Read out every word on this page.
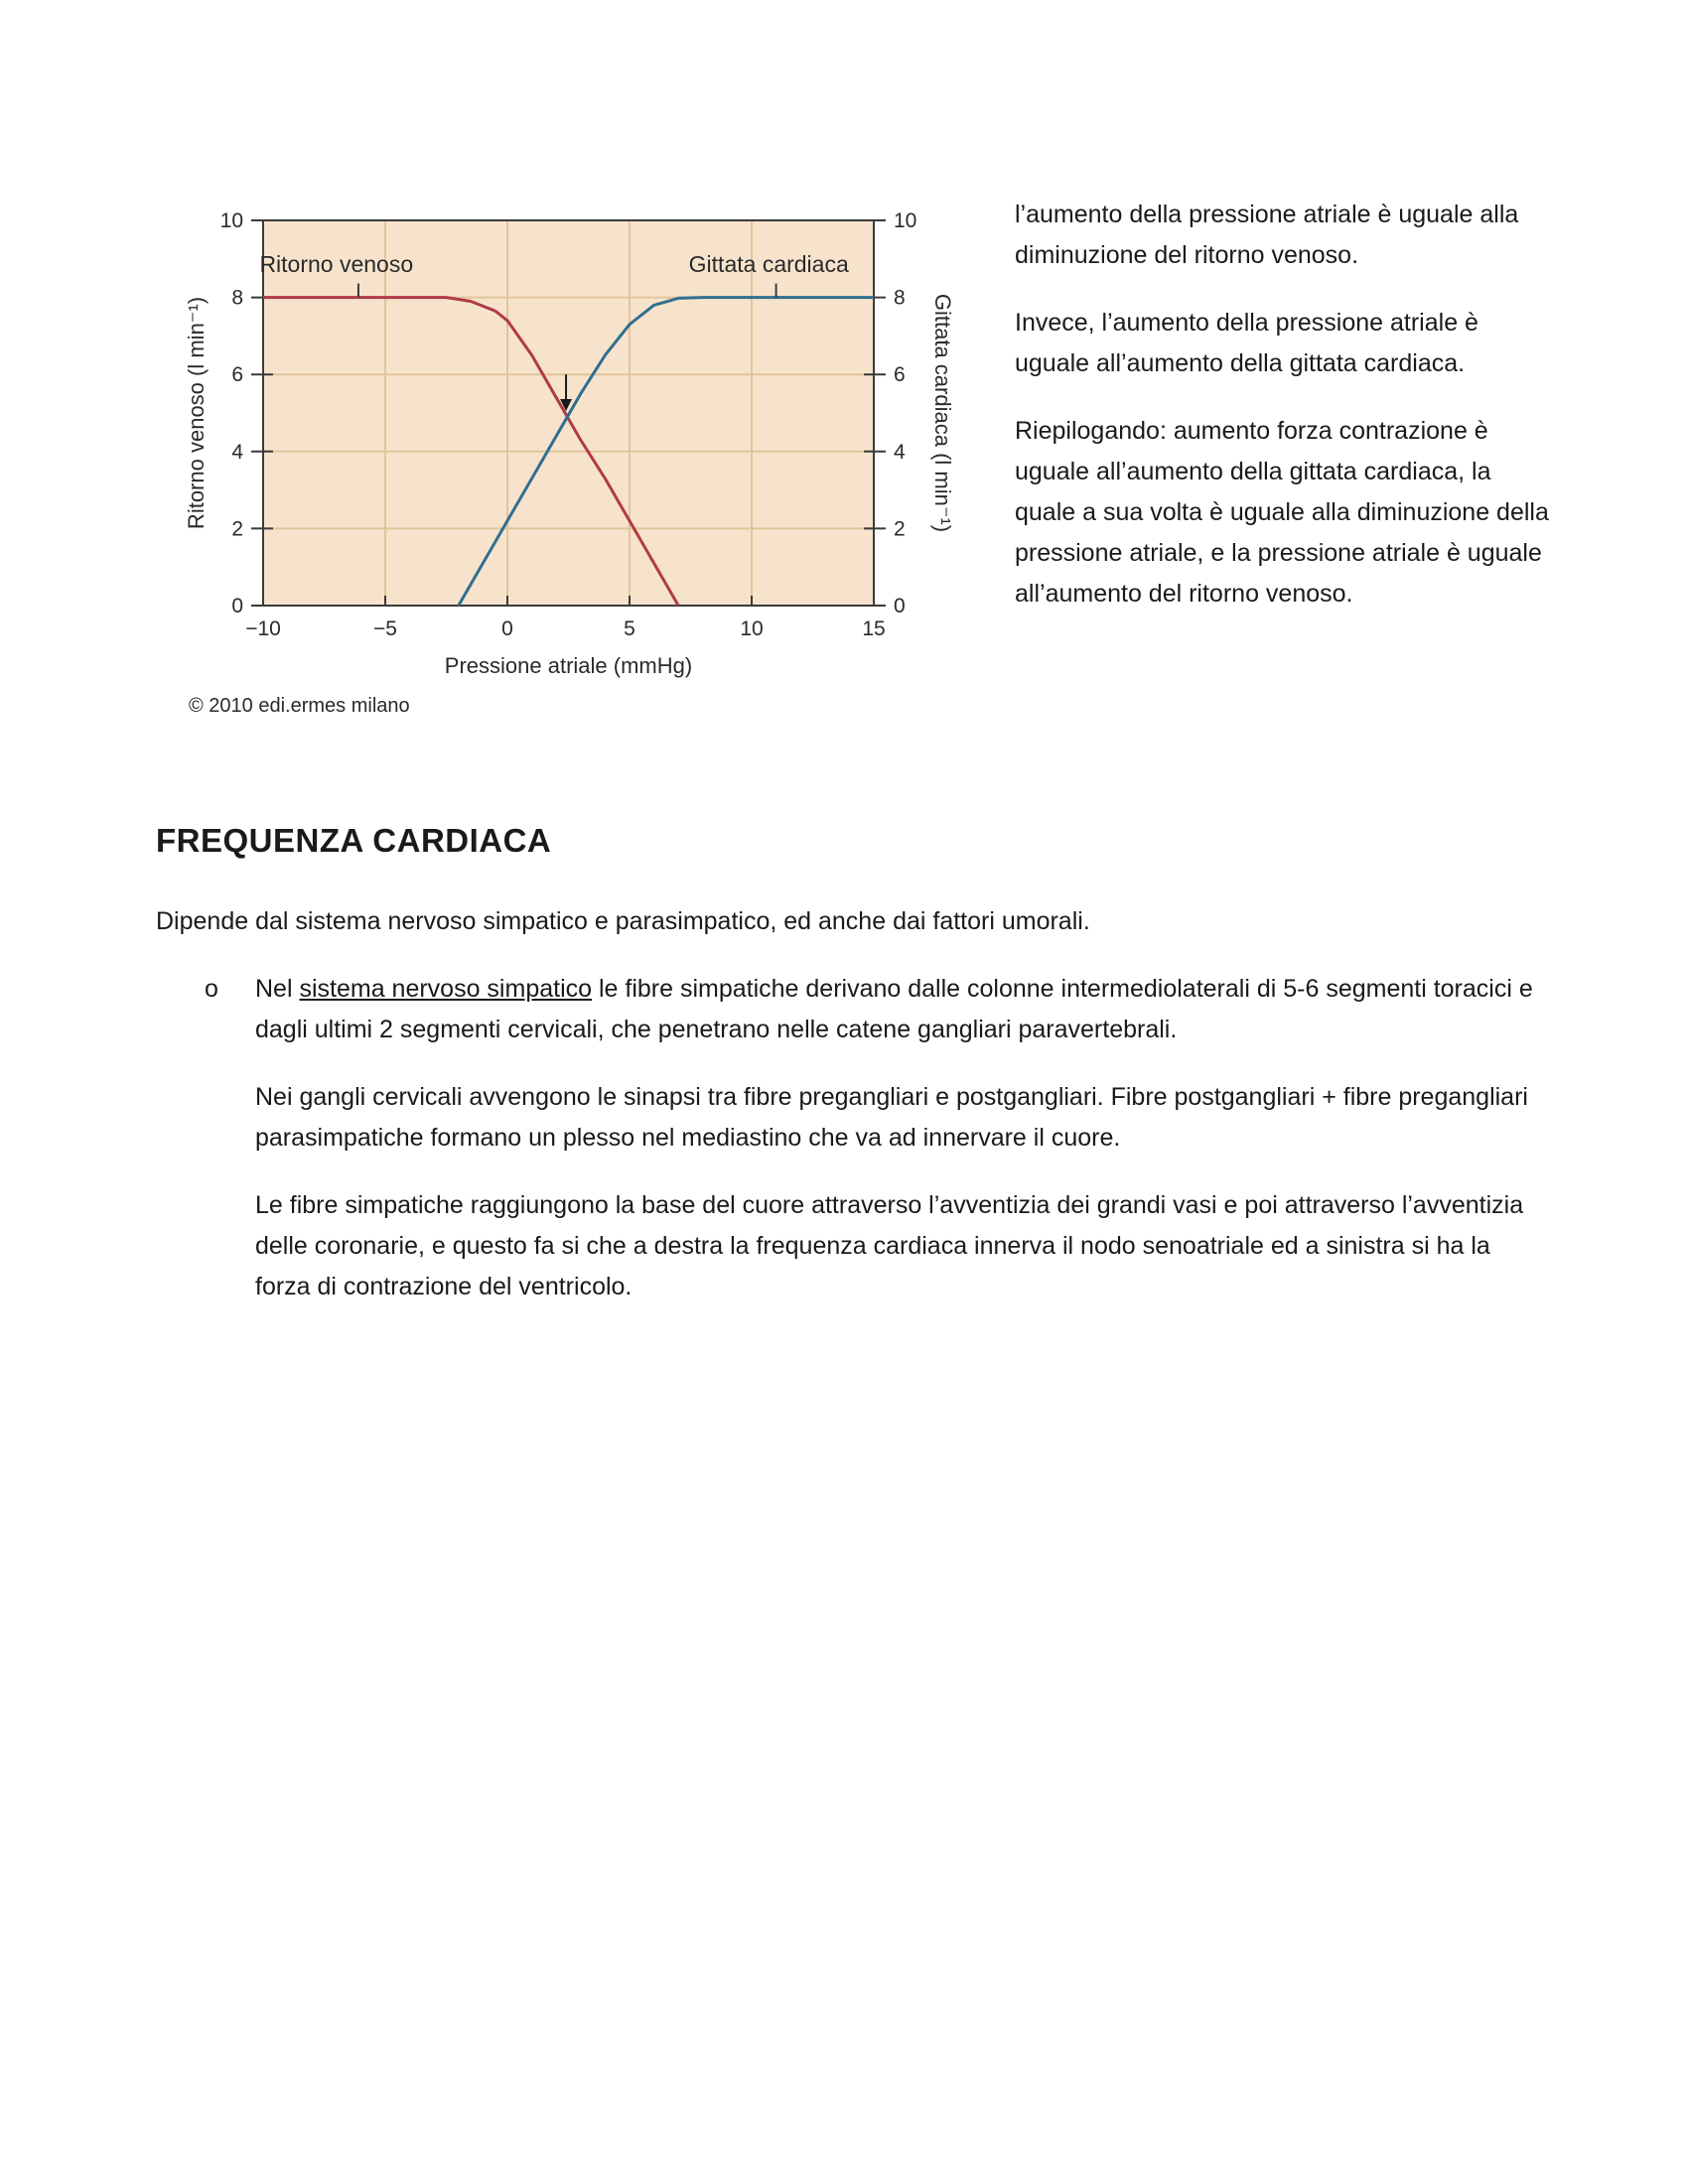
−10	−5	0	5	10	15
0	0
2	2
4	4
6	6
8	8
10	10
Ritorno venoso	Gittata cardiaca
Pressione atriale (mmHg)
Ritorno venoso (l min⁻¹)	Gittata cardiaca (l min⁻¹)
© 2010 edi.ermes milano

l’aumento della pressione atriale è uguale alla diminuzione del ritorno venoso.

Invece, l’aumento della pressione atriale è uguale all’aumento della gittata cardiaca.

Riepilogando: aumento forza contrazione è uguale all’aumento della gittata cardiaca, la quale a sua volta è uguale alla diminuzione della pressione atriale, e la pressione atriale è uguale all’aumento del ritorno venoso.

FREQUENZA CARDIACA

Dipende dal sistema nervoso simpatico e parasimpatico, ed anche dai fattori umorali.

o	Nel sistema nervoso simpatico le fibre simpatiche derivano dalle colonne intermediolaterali di 5-6 segmenti toracici e dagli ultimi 2 segmenti cervicali, che penetrano nelle catene gangliari paravertebrali.

Nei gangli cervicali avvengono le sinapsi tra fibre pregangliari e postgangliari. Fibre postgangliari + fibre pregangliari parasimpatiche formano un plesso nel mediastino che va ad innervare il cuore.

Le fibre simpatiche raggiungono la base del cuore attraverso l’avventizia dei grandi vasi e poi attraverso l’avventizia delle coronarie, e questo fa si che a destra la frequenza cardiaca innerva il nodo senoatriale ed a sinistra si ha la forza di contrazione del ventricolo.
